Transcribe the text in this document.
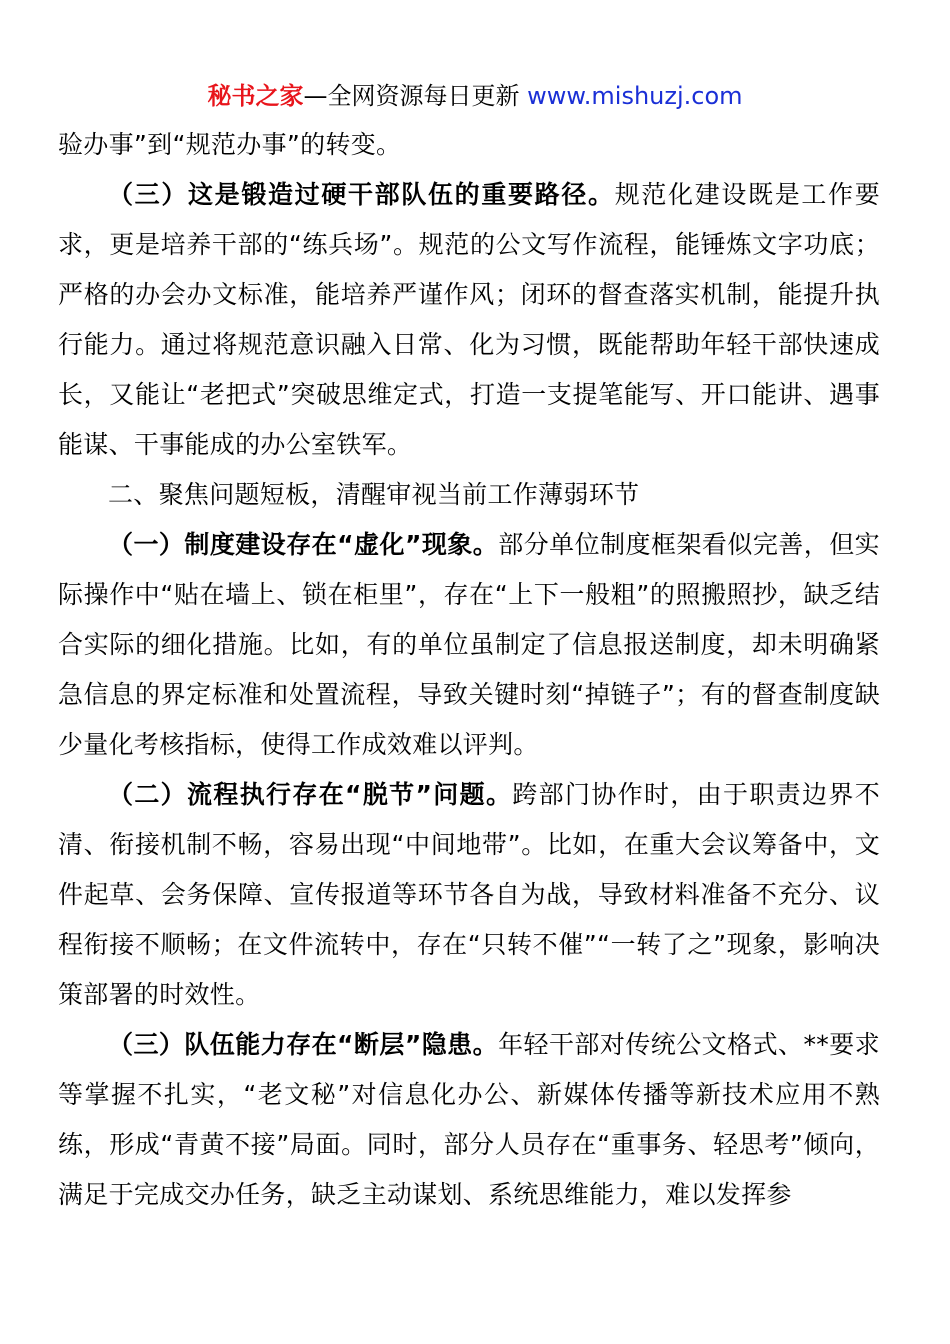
秘书之家—全网资源每日更新 www.mishuzj.com

验办事”到“规范办事”的转变。

（三）这是锻造过硬干部队伍的重要路径。规范化建设既是工作要求，更是培养干部的“练兵场”。规范的公文写作流程，能锤炼文字功底；严格的办会办文标准，能培养严谨作风；闭环的督查落实机制，能提升执行能力。通过将规范意识融入日常、化为习惯，既能帮助年轻干部快速成长，又能让“老把式”突破思维定式，打造一支提笔能写、开口能讲、遇事能谋、干事能成的办公室铁军。

二、聚焦问题短板，清醒审视当前工作薄弱环节

（一）制度建设存在“虚化”现象。部分单位制度框架看似完善，但实际操作中“贴在墙上、锁在柜里”，存在“上下一般粗”的照搬照抄，缺乏结合实际的细化措施。比如，有的单位虽制定了信息报送制度，却未明确紧急信息的界定标准和处置流程，导致关键时刻“掉链子”；有的督查制度缺少量化考核指标，使得工作成效难以评判。

（二）流程执行存在“脱节”问题。跨部门协作时，由于职责边界不清、衔接机制不畅，容易出现“中间地带”。比如，在重大会议筹备中，文件起草、会务保障、宣传报道等环节各自为战，导致材料准备不充分、议程衔接不顺畅；在文件流转中，存在“只转不催”“一转了之”现象，影响决策部署的时效性。

（三）队伍能力存在“断层”隐患。年轻干部对传统公文格式、**要求等掌握不扎实，“老文秘”对信息化办公、新媒体传播等新技术应用不熟练，形成“青黄不接”局面。同时，部分人员存在“重事务、轻思考”倾向，满足于完成交办任务，缺乏主动谋划、系统思维能力，难以发挥参
